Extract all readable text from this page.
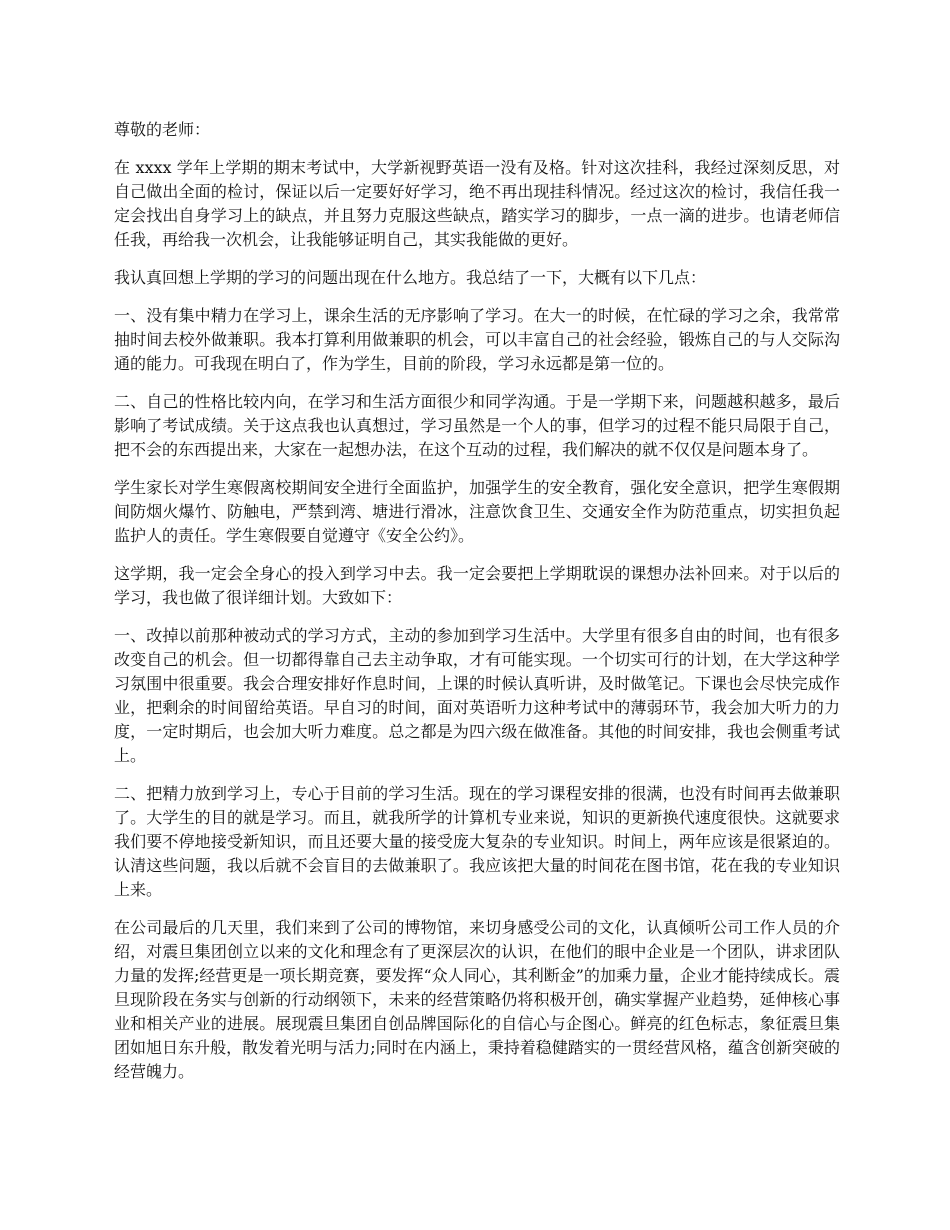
尊敬的老师：

在 xxxx 学年上学期的期末考试中，大学新视野英语一没有及格。针对这次挂科，我经过深刻反思，对自己做出全面的检讨，保证以后一定要好好学习，绝不再出现挂科情况。经过这次的检讨，我信任我一定会找出自身学习上的缺点，并且努力克服这些缺点，踏实学习的脚步，一点一滴的进步。也请老师信任我，再给我一次机会，让我能够证明自己，其实我能做的更好。

我认真回想上学期的学习的问题出现在什么地方。我总结了一下，大概有以下几点：

一、没有集中精力在学习上，课余生活的无序影响了学习。在大一的时候，在忙碌的学习之余，我常常抽时间去校外做兼职。我本打算利用做兼职的机会，可以丰富自己的社会经验，锻炼自己的与人交际沟通的能力。可我现在明白了，作为学生，目前的阶段，学习永远都是第一位的。

二、自己的性格比较内向，在学习和生活方面很少和同学沟通。于是一学期下来，问题越积越多，最后影响了考试成绩。关于这点我也认真想过，学习虽然是一个人的事，但学习的过程不能只局限于自己，把不会的东西提出来，大家在一起想办法，在这个互动的过程，我们解决的就不仅仅是问题本身了。

学生家长对学生寒假离校期间安全进行全面监护，加强学生的安全教育，强化安全意识，把学生寒假期间防烟火爆竹、防触电，严禁到湾、塘进行滑冰，注意饮食卫生、交通安全作为防范重点，切实担负起监护人的责任。学生寒假要自觉遵守《安全公约》。

这学期，我一定会全身心的投入到学习中去。我一定会要把上学期耽误的课想办法补回来。对于以后的学习，我也做了很详细计划。大致如下：

一、改掉以前那种被动式的学习方式，主动的参加到学习生活中。大学里有很多自由的时间，也有很多改变自己的机会。但一切都得靠自己去主动争取，才有可能实现。一个切实可行的计划，在大学这种学习氛围中很重要。我会合理安排好作息时间，上课的时候认真听讲，及时做笔记。下课也会尽快完成作业，把剩余的时间留给英语。早自习的时间，面对英语听力这种考试中的薄弱环节，我会加大听力的力度，一定时期后，也会加大听力难度。总之都是为四六级在做准备。其他的时间安排，我也会侧重考试上。

二、把精力放到学习上，专心于目前的学习生活。现在的学习课程安排的很满，也没有时间再去做兼职了。大学生的目的就是学习。而且，就我所学的计算机专业来说，知识的更新换代速度很快。这就要求我们要不停地接受新知识，而且还要大量的接受庞大复杂的专业知识。时间上，两年应该是很紧迫的。认清这些问题，我以后就不会盲目的去做兼职了。我应该把大量的时间花在图书馆，花在我的专业知识上来。

在公司最后的几天里，我们来到了公司的博物馆，来切身感受公司的文化，认真倾听公司工作人员的介绍，对震旦集团创立以来的文化和理念有了更深层次的认识，在他们的眼中企业是一个团队，讲求团队力量的发挥;经营更是一项长期竞赛，要发挥“众人同心，其利断金”的加乘力量，企业才能持续成长。震旦现阶段在务实与创新的行动纲领下，未来的经营策略仍将积极开创，确实掌握产业趋势，延伸核心事业和相关产业的进展。展现震旦集团自创品牌国际化的自信心与企图心。鲜亮的红色标志，象征震旦集团如旭日东升般，散发着光明与活力;同时在内涵上，秉持着稳健踏实的一贯经营风格，蕴含创新突破的经营魄力。
